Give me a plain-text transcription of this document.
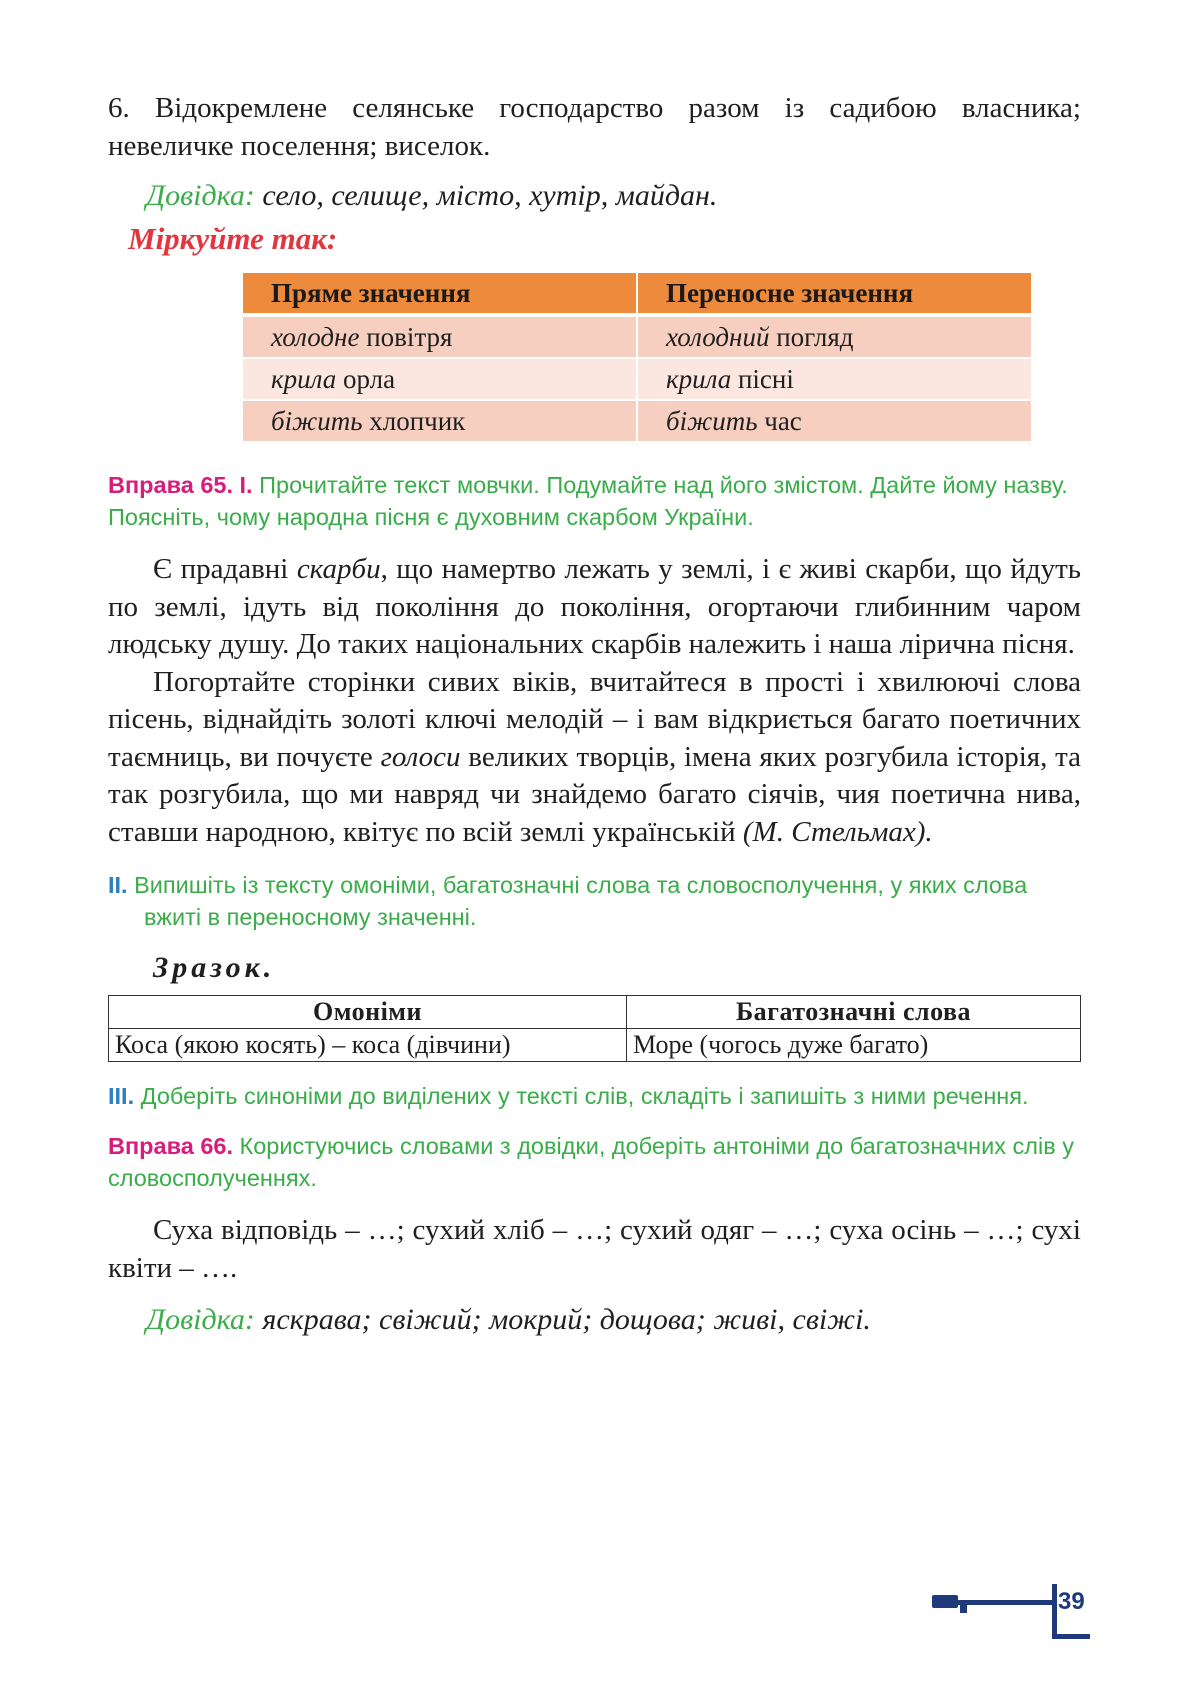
6. Відокремлене селянське господарство разом із садибою власника; невеличке поселення; виселок.

Довідка: село, селище, місто, хутір, майдан.
Міркуйте так:
Пряме значення	Переносне значення
холодне повітря	холодний погляд
крила орла	крила пісні
біжить хлопчик	біжить час

Вправа 65. I. Прочитайте текст мовчки. Подумайте над його змістом. Дайте йому назву. Поясніть, чому народна пісня є духовним скарбом України.

Є прадавні скарби, що намертво лежать у землі, і є живі скарби, що йдуть по землі, ідуть від покоління до покоління, огортаючи глибинним чаром людську душу. До таких національних скарбів належить і наша лірична пісня.

Погортайте сторінки сивих віків, вчитайтеся в прості і хвилюючі слова пісень, віднайдіть золоті ключі мелодій – і вам відкриється багато поетичних таємниць, ви почуєте голоси великих творців, імена яких розгубила історія, та так розгубила, що ми навряд чи знайдемо багато сіячів, чия поетична нива, ставши народною, квітує по всій землі українській (М. Стельмах).

II. Випишіть із тексту омоніми, багатозначні слова та словосполучення, у яких слова вжиті в переносному значенні.

Зразок.
Омоніми	Багатозначні слова
Коса (якою косять) – коса (дівчини)	Море (чогось дуже багато)

III. Доберіть синоніми до виділених у тексті слів, складіть і запишіть з ними речення.

Вправа 66. Користуючись словами з довідки, доберіть антоніми до багатозначних слів у словосполученнях.

Суха відповідь – …; сухий хліб – …; сухий одяг – …; суха осінь – …; сухі квіти – ….

Довідка: яскрава; свіжий; мокрий; дощова; живі, свіжі.
39
